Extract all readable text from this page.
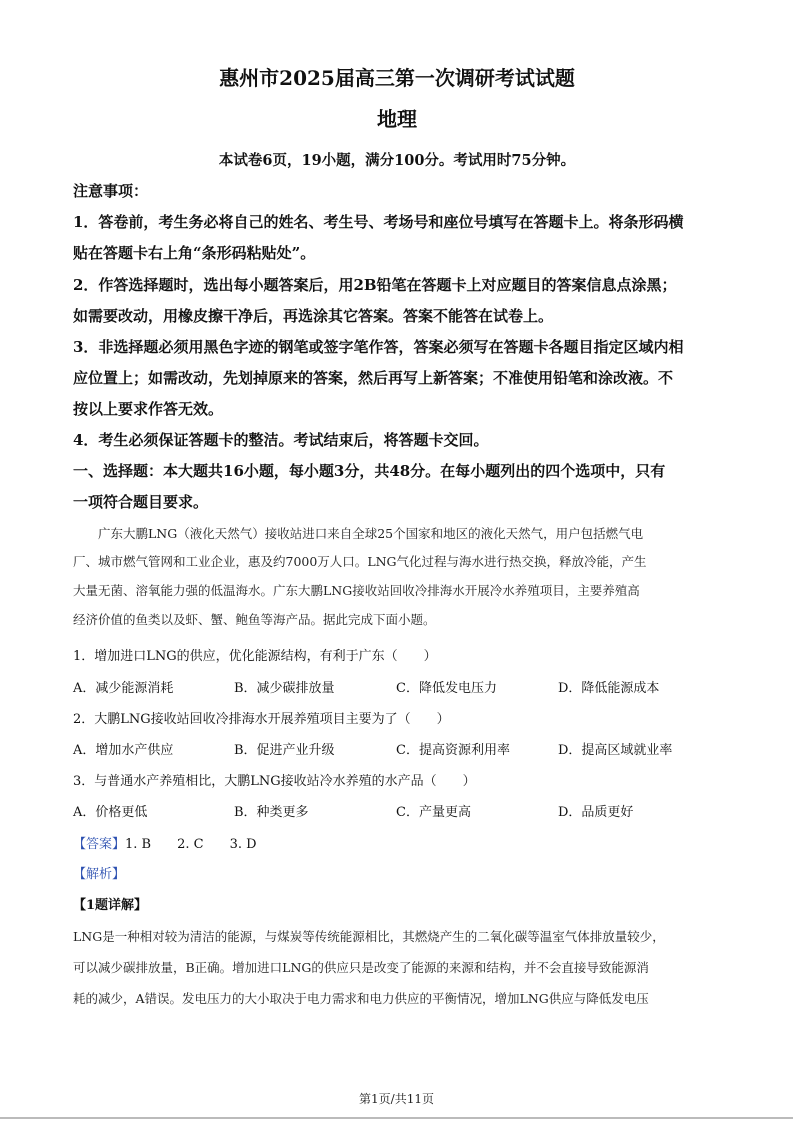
惠州市2025届高三第一次调研考试试题
地理
本试卷6页，19小题，满分100分。考试用时75分钟。
注意事项：
1．答卷前，考生务必将自己的姓名、考生号、考场号和座位号填写在答题卡上。将条形码横
贴在答题卡右上角“条形码粘贴处”。
2．作答选择题时，选出每小题答案后，用2B铅笔在答题卡上对应题目的答案信息点涂黑；
如需要改动，用橡皮擦干净后，再选涂其它答案。答案不能答在试卷上。
3．非选择题必须用黑色字迹的钢笔或签字笔作答，答案必须写在答题卡各题目指定区域内相
应位置上；如需改动，先划掉原来的答案，然后再写上新答案；不准使用铅笔和涂改液。不
按以上要求作答无效。
4．考生必须保证答题卡的整洁。考试结束后，将答题卡交回。
一、选择题：本大题共16小题，每小题3分，共48分。在每小题列出的四个选项中，只有
一项符合题目要求。
　　广东大鹏LNG（液化天然气）接收站进口来自全球25个国家和地区的液化天然气，用户包括燃气电
厂、城市燃气管网和工业企业，惠及约7000万人口。LNG气化过程与海水进行热交换，释放冷能，产生
大量无菌、溶氧能力强的低温海水。广东大鹏LNG接收站回收冷排海水开展冷水养殖项目，主要养殖高
经济价值的鱼类以及虾、蟹、鲍鱼等海产品。据此完成下面小题。
1．增加进口LNG的供应，优化能源结构，有利于广东（　　）
A．减少能源消耗	B．减少碳排放量	C．降低发电压力	D．降低能源成本
2．大鹏LNG接收站回收冷排海水开展养殖项目主要为了（　　）
A．增加水产供应	B．促进产业升级	C．提高资源利用率	D．提高区域就业率
3．与普通水产养殖相比，大鹏LNG接收站冷水养殖的水产品（　　）
A．价格更低	B．种类更多	C．产量更高	D．品质更好
【答案】1. B　　2. C　　3. D
【解析】
【1题详解】
LNG是一种相对较为清洁的能源，与煤炭等传统能源相比，其燃烧产生的二氧化碳等温室气体排放量较少，
可以减少碳排放量，B正确。增加进口LNG的供应只是改变了能源的来源和结构，并不会直接导致能源消
耗的减少，A错误。发电压力的大小取决于电力需求和电力供应的平衡情况，增加LNG供应与降低发电压
第1页/共11页
